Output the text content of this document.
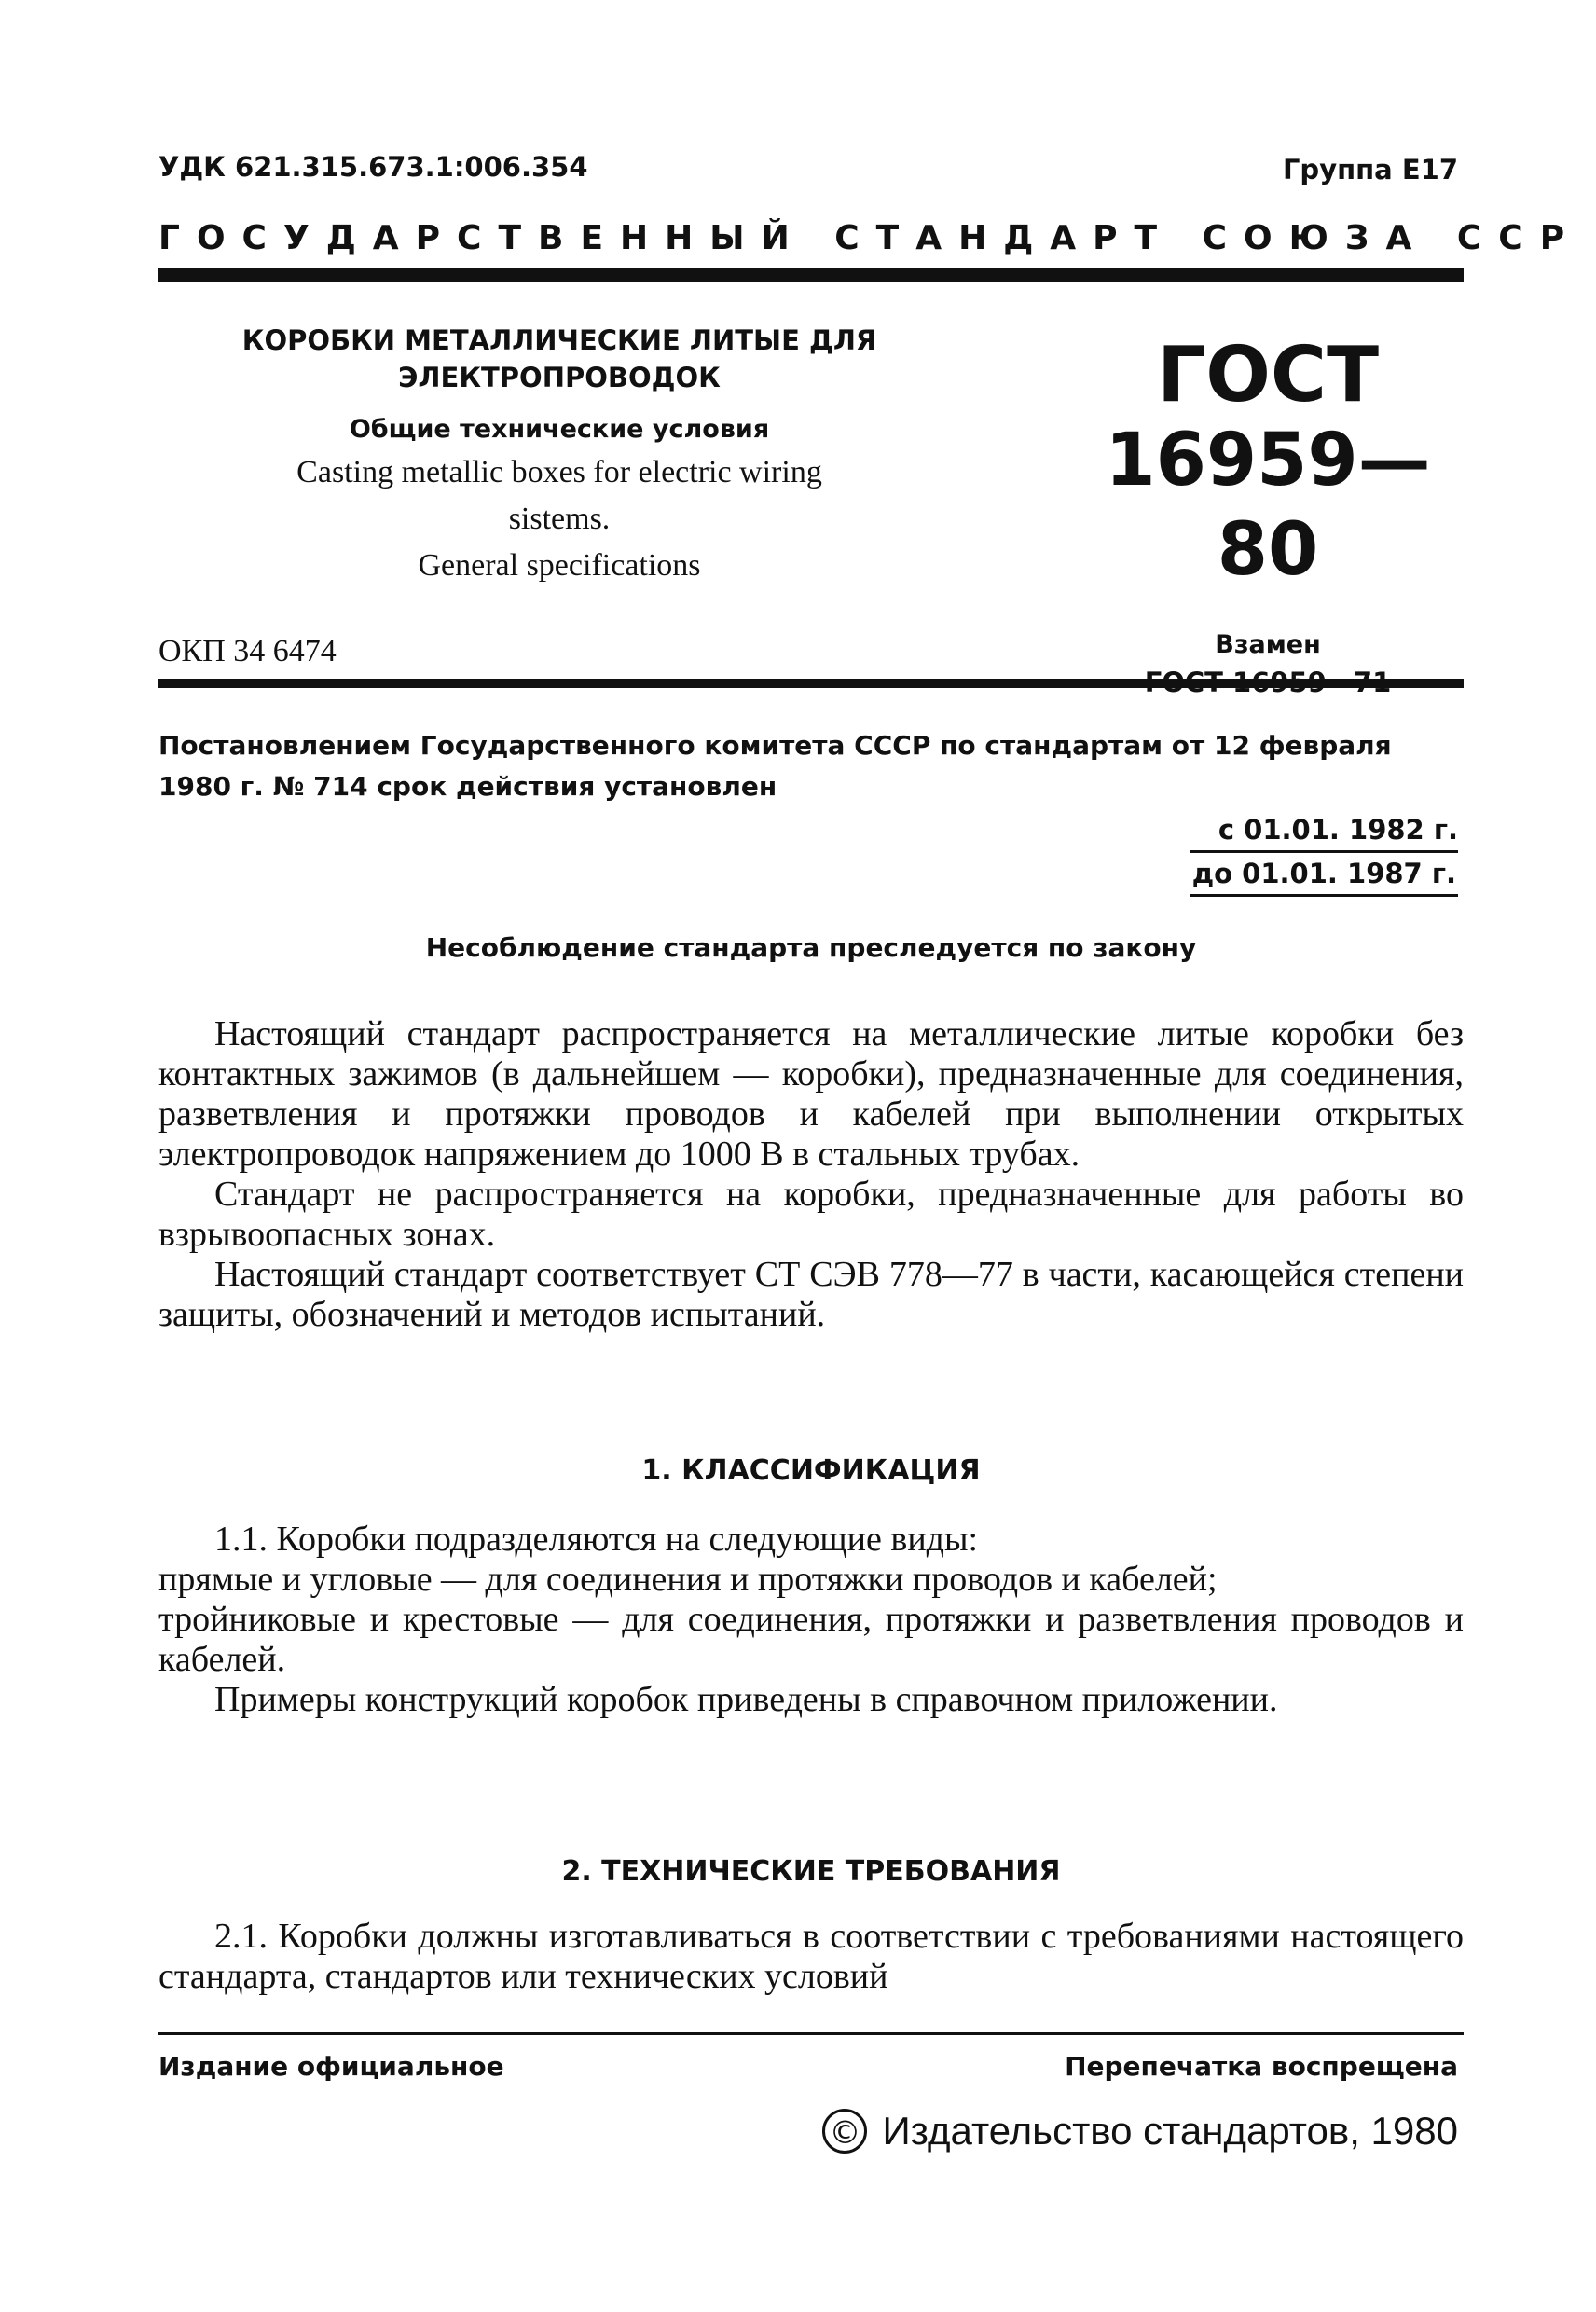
УДК 621.315.673.1:006.354	Группа Е17
ГОСУДАРСТВЕННЫЙ СТАНДАРТ СОЮЗА ССР
КОРОБКИ МЕТАЛЛИЧЕСКИЕ ЛИТЫЕ ДЛЯ
ЭЛЕКТРОПРОВОДОК
Общие технические условия
Casting metallic boxes for electric wiring
sistems.
General specifications
ГОСТ
16959—80
Взамен
ОКП 34 6474
Постановлением Государственного комитета СССР по стандартам от 12 февраля 1980 г. № 714 срок действия установлен
с 01.01. 1982 г.
до 01.01. 1987 г.
Несоблюдение стандарта преследуется по закону

Настоящий стандарт распространяется на металлические литые коробки без контактных зажимов (в дальнейшем — коробки), предназначенные для соединения, разветвления и протяжки проводов и кабелей при выполнении открытых электропроводок напряжением до 1000 В в стальных трубах.

Стандарт не распространяется на коробки, предназначенные для работы во взрывоопасных зонах.

Настоящий стандарт соответствует СТ СЭВ 778—77 в части, касающейся степени защиты, обозначений и методов испытаний.

1. КЛАССИФИКАЦИЯ

1.1. Коробки подразделяются на следующие виды:

прямые и угловые — для соединения и протяжки проводов и кабелей;

тройниковые и крестовые — для соединения, протяжки и разветвления проводов и кабелей.

Примеры конструкций коробок приведены в справочном приложении.

2. ТЕХНИЧЕСКИЕ ТРЕБОВАНИЯ

2.1. Коробки должны изготавливаться в соответствии с требованиями настоящего стандарта, стандартов или технических условий

Издание официальное	Перепечатка воспрещена
© Издательство стандартов, 1980
